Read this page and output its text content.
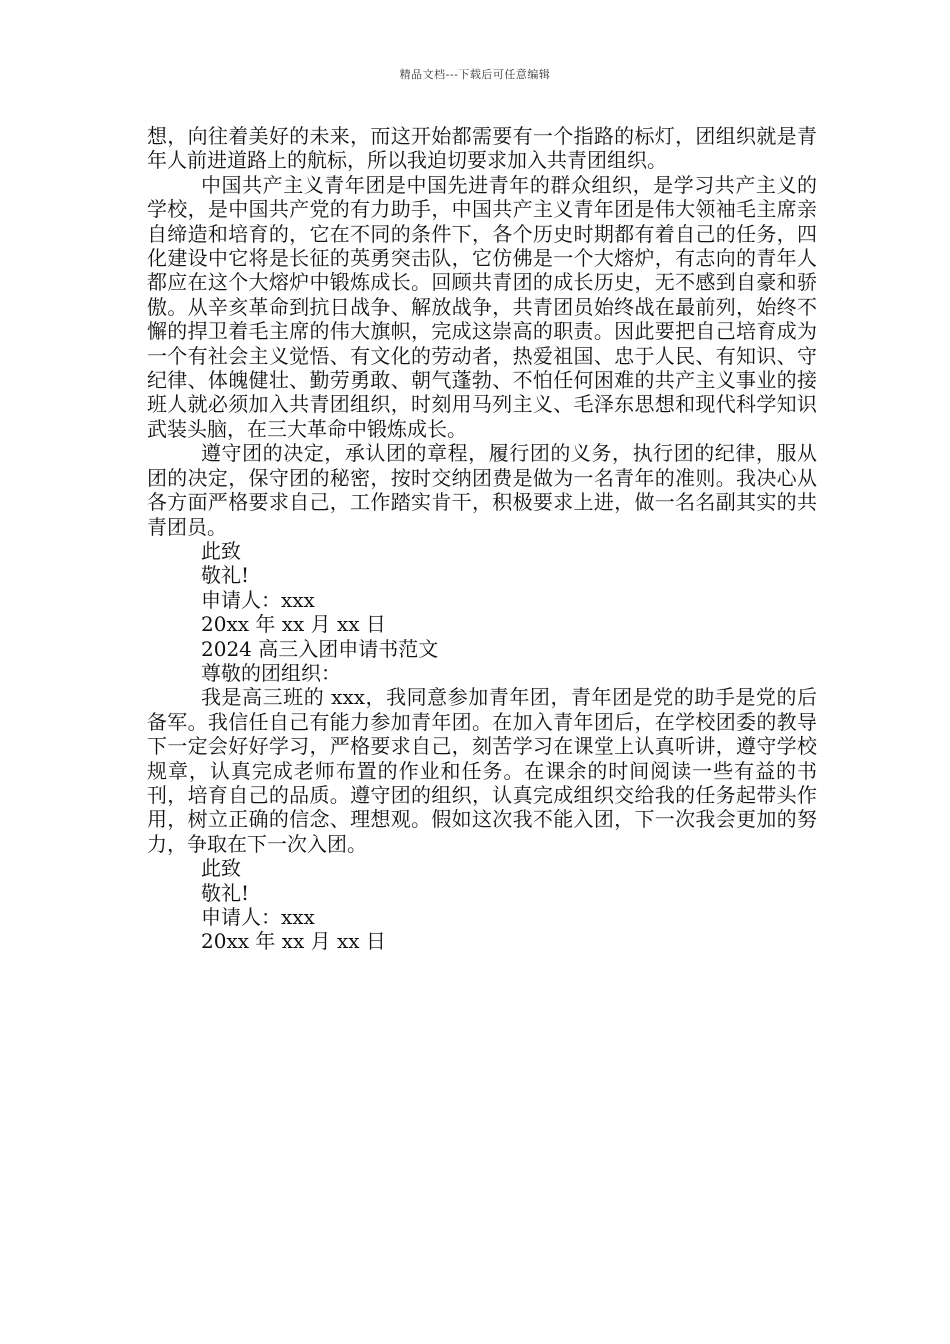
精品文档---下载后可任意编辑

想，向往着美好的未来，而这开始都需要有一个指路的标灯，团组织就是青年人前进道路上的航标，所以我迫切要求加入共青团组织。

中国共产主义青年团是中国先进青年的群众组织，是学习共产主义的学校，是中国共产党的有力助手，中国共产主义青年团是伟大领袖毛主席亲自缔造和培育的，它在不同的条件下，各个历史时期都有着自己的任务，四化建设中它将是长征的英勇突击队，它仿佛是一个大熔炉，有志向的青年人都应在这个大熔炉中锻炼成长。回顾共青团的成长历史，无不感到自豪和骄傲。从辛亥革命到抗日战争、解放战争，共青团员始终战在最前列，始终不懈的捍卫着毛主席的伟大旗帜，完成这崇高的职责。因此要把自己培育成为一个有社会主义觉悟、有文化的劳动者，热爱祖国、忠于人民、有知识、守纪律、体魄健壮、勤劳勇敢、朝气蓬勃、不怕任何困难的共产主义事业的接班人就必须加入共青团组织，时刻用马列主义、毛泽东思想和现代科学知识武装头脑，在三大革命中锻炼成长。

遵守团的决定，承认团的章程，履行团的义务，执行团的纪律，服从团的决定，保守团的秘密，按时交纳团费是做为一名青年的准则。我决心从各方面严格要求自己，工作踏实肯干，积极要求上进，做一名名副其实的共青团员。

此致

敬礼!

申请人：xxx

20xx 年 xx 月 xx 日

2024 高三入团申请书范文

尊敬的团组织：

我是高三班的 xxx，我同意参加青年团，青年团是党的助手是党的后备军。我信任自己有能力参加青年团。在加入青年团后，在学校团委的教导下一定会好好学习，严格要求自己，刻苦学习在课堂上认真听讲，遵守学校规章，认真完成老师布置的作业和任务。在课余的时间阅读一些有益的书刊，培育自己的品质。遵守团的组织，认真完成组织交给我的任务起带头作用，树立正确的信念、理想观。假如这次我不能入团，下一次我会更加的努力，争取在下一次入团。

此致

敬礼!

申请人：xxx

20xx 年 xx 月 xx 日
